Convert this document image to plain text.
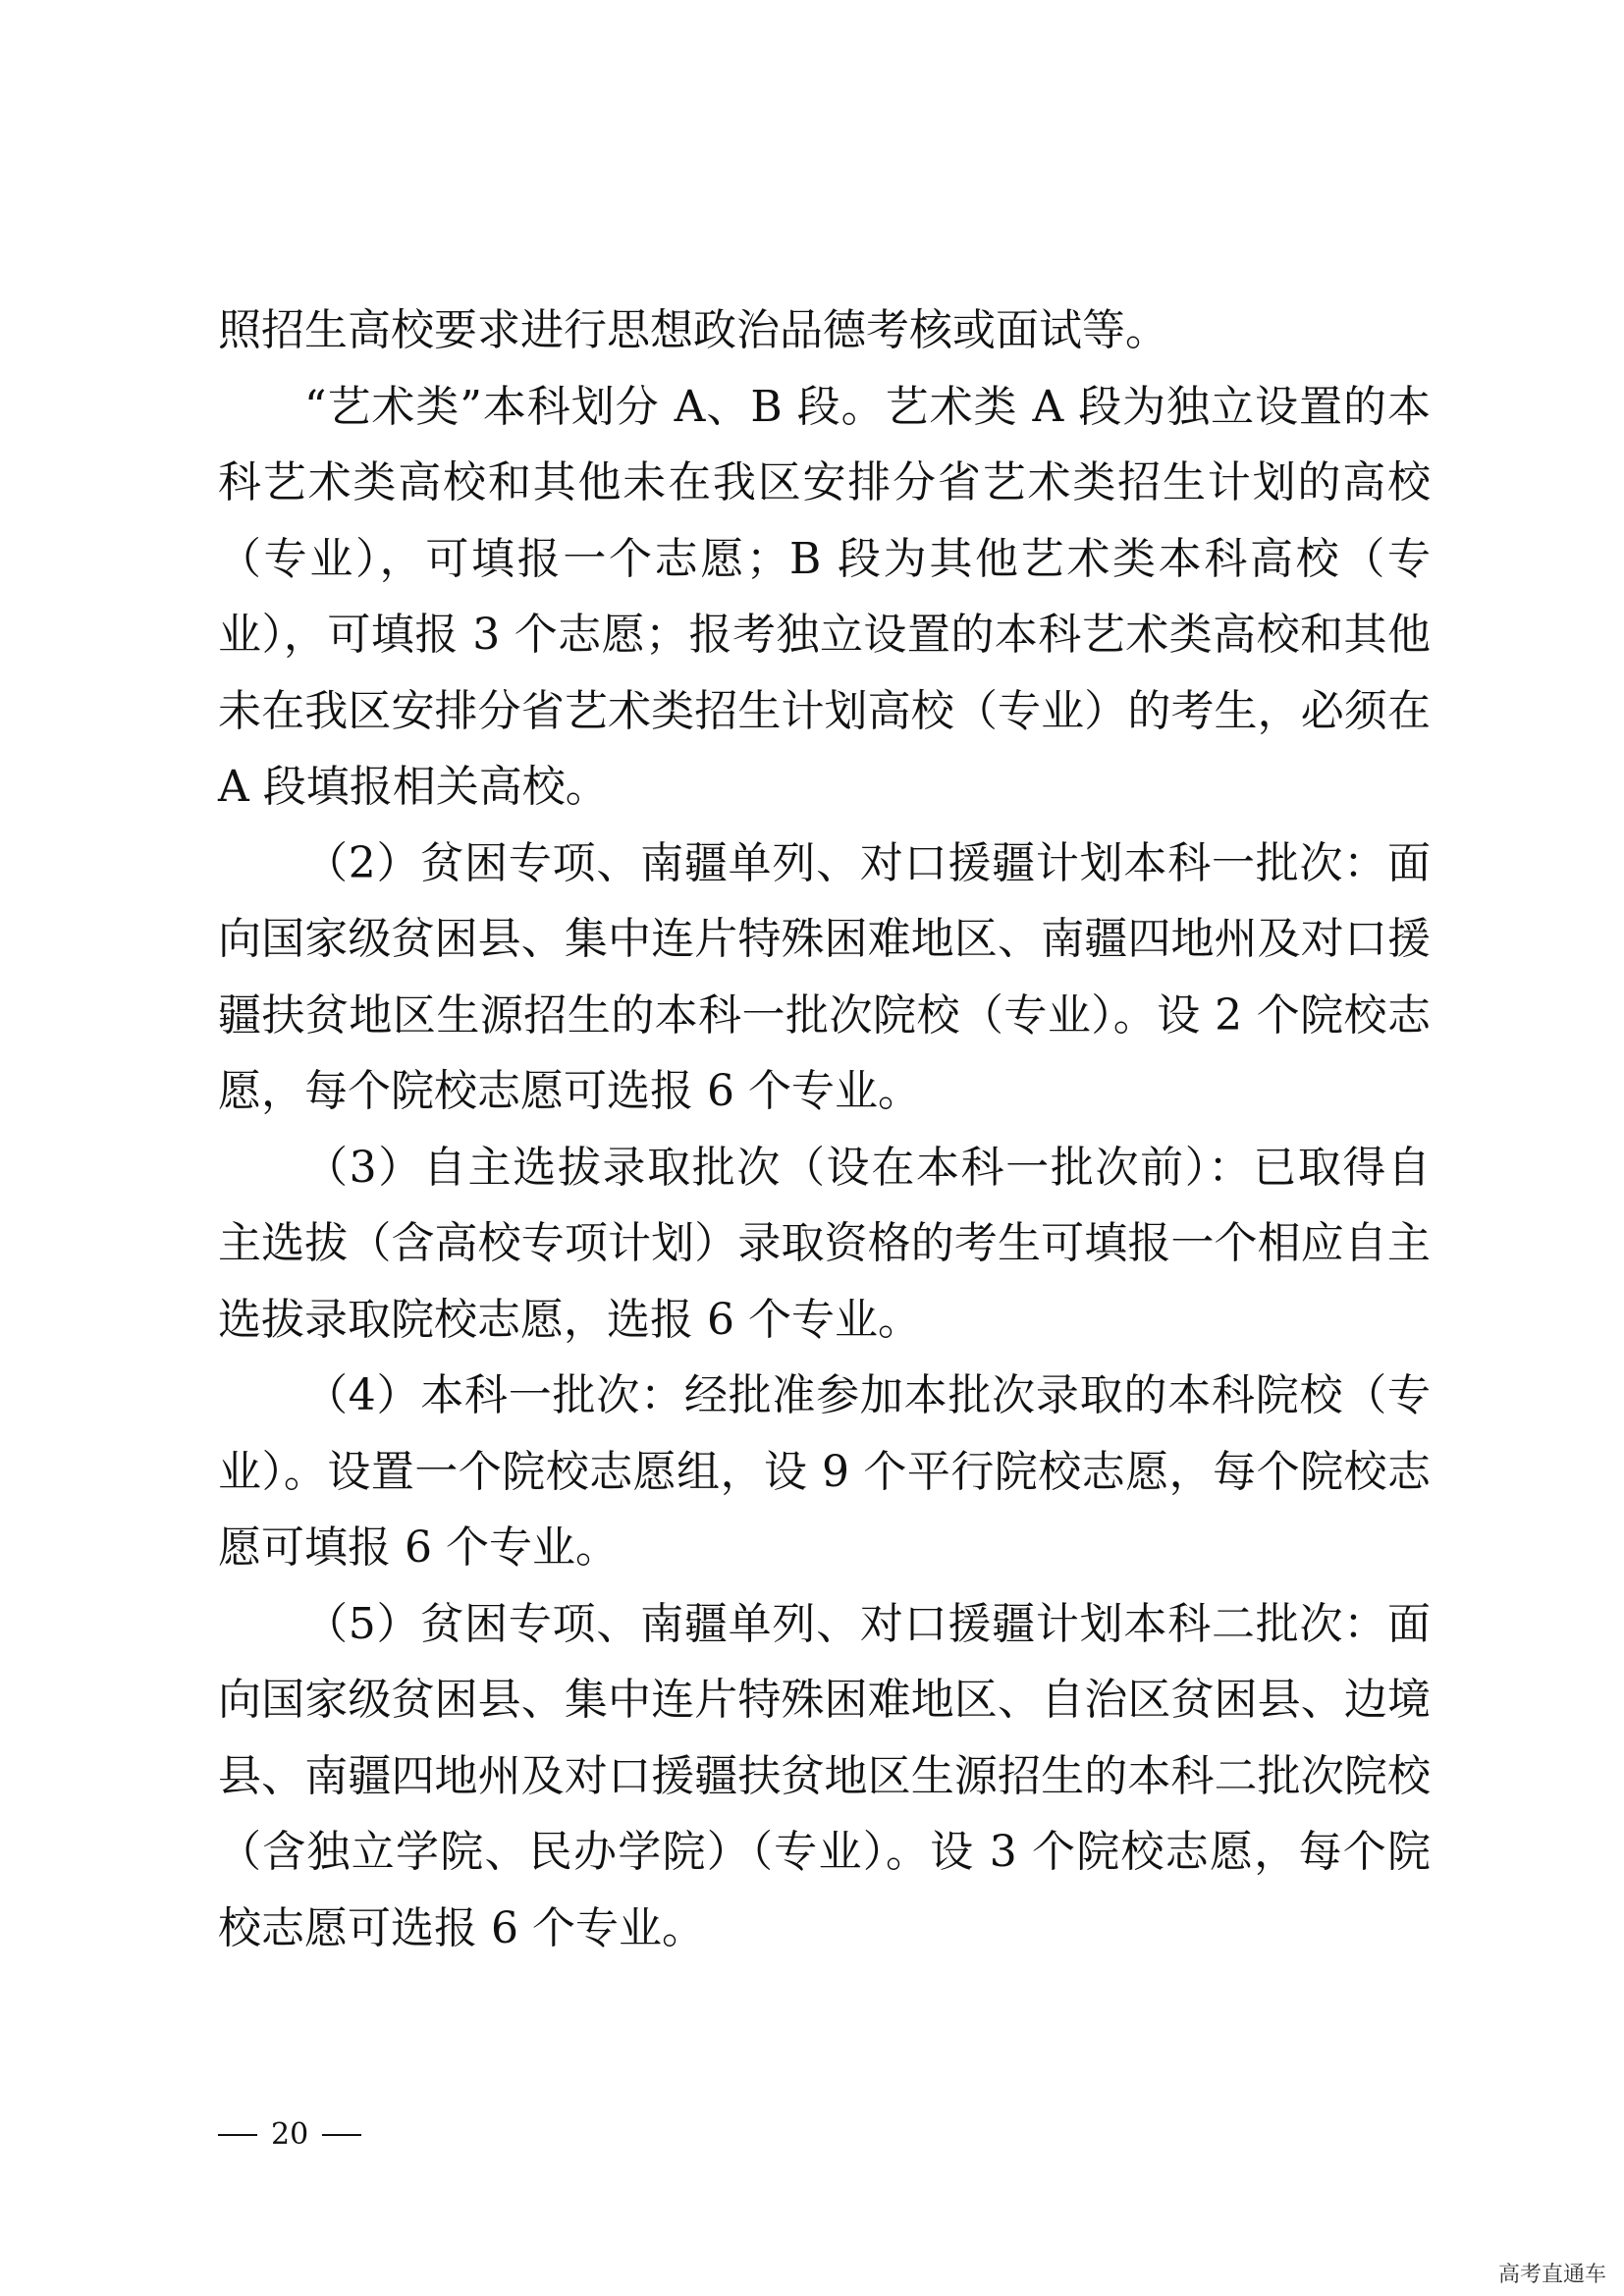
照招生高校要求进行思想政治品德考核或面试等。

“艺术类”本科划分 A、B 段。艺术类 A 段为独立设置的本科艺术类高校和其他未在我区安排分省艺术类招生计划的高校（专业），可填报一个志愿；B 段为其他艺术类本科高校（专业），可填报 3 个志愿；报考独立设置的本科艺术类高校和其他未在我区安排分省艺术类招生计划高校（专业）的考生，必须在 A 段填报相关高校。

（2）贫困专项、南疆单列、对口援疆计划本科一批次：面向国家级贫困县、集中连片特殊困难地区、南疆四地州及对口援疆扶贫地区生源招生的本科一批次院校（专业）。设 2 个院校志愿，每个院校志愿可选报 6 个专业。

（3）自主选拔录取批次（设在本科一批次前）：已取得自主选拔（含高校专项计划）录取资格的考生可填报一个相应自主选拔录取院校志愿，选报 6 个专业。

（4）本科一批次：经批准参加本批次录取的本科院校（专业）。设置一个院校志愿组，设 9 个平行院校志愿，每个院校志愿可填报 6 个专业。

（5）贫困专项、南疆单列、对口援疆计划本科二批次：面向国家级贫困县、集中连片特殊困难地区、自治区贫困县、边境县、南疆四地州及对口援疆扶贫地区生源招生的本科二批次院校（含独立学院、民办学院）（专业）。设 3 个院校志愿，每个院校志愿可选报 6 个专业。

20
高考直通车
